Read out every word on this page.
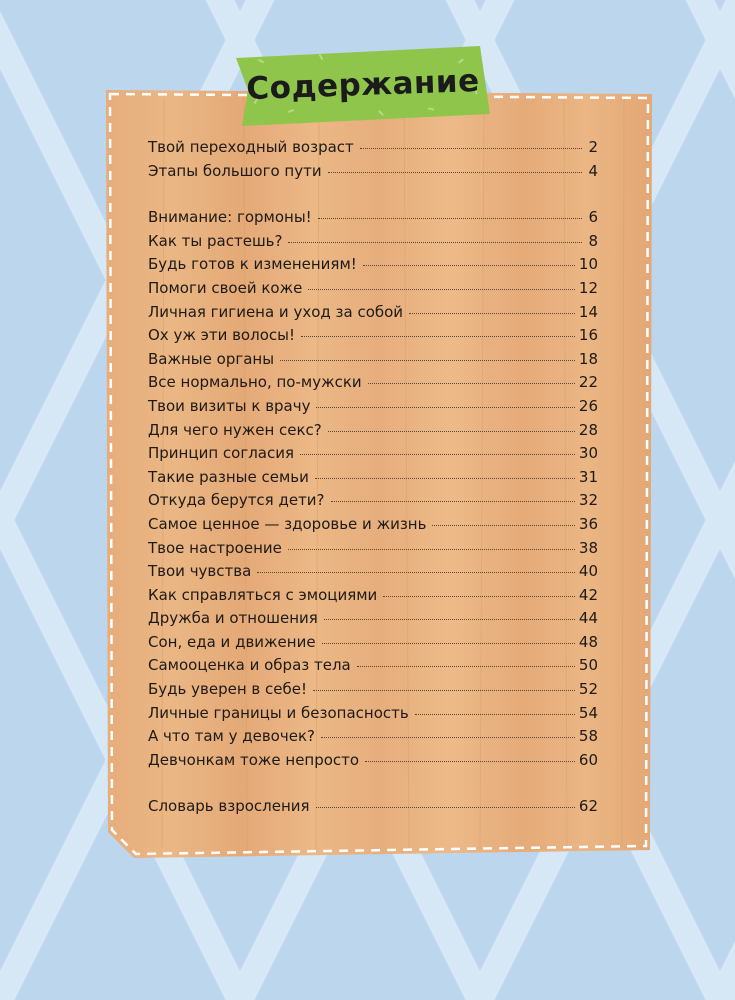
Содержание
Твой переходный возраст	2
Этапы большого пути	4
Внимание: гормоны!	6
Как ты растешь?	8
Будь готов к изменениям!	10
Помоги своей коже	12
Личная гигиена и уход за собой	14
Ох уж эти волосы!	16
Важные органы	18
Все нормально, по-мужски	22
Твои визиты к врачу	26
Для чего нужен секс?	28
Принцип согласия	30
Такие разные семьи	31
Откуда берутся дети?	32
Самое ценное — здоровье и жизнь	36
Твое настроение	38
Твои чувства	40
Как справляться с эмоциями	42
Дружба и отношения	44
Сон, еда и движение	48
Самооценка и образ тела	50
Будь уверен в себе!	52
Личные границы и безопасность	54
А что там у девочек?	58
Девчонкам тоже непросто	60
Словарь взросления	62
